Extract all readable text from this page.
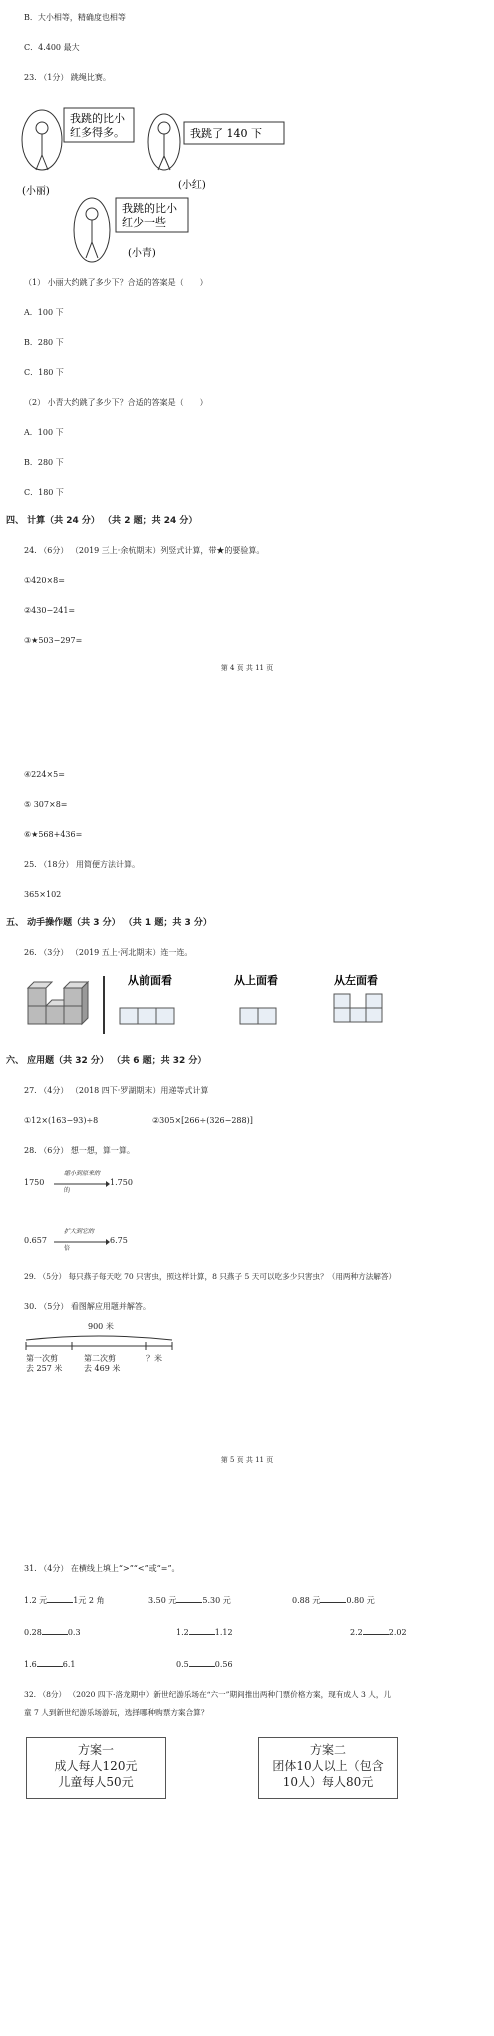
B．大小相等，精确度也相等
C．4.400 最大
23. （1分） 跳绳比赛。
我跳的比小
红多得多。	我跳了 140 下
(小红)
(小丽)
我跳的比小
红少一些
(小青)
（1） 小丽大约跳了多少下？合适的答案是（　　）
A．100 下
B．280 下
C．180 下
（2） 小青大约跳了多少下？合适的答案是（　　）
A．100 下
B．280 下
C．180 下
四、 计算（共 24 分） （共 2 题；共 24 分）
24. （6分） （2019 三上·余杭期末）列竖式计算，带★的要验算。
①420×8=
②430−241=
③★503−297=
第 4 页 共 11 页
④224×5=
⑤ 307×8=
⑥★568+436=
25. （18分） 用简便方法计算。
365×102
五、 动手操作题（共 3 分） （共 1 题；共 3 分）
26. （3分） （2019 五上·河北期末）连一连。
从前面看	从上面看	从左面看
六、 应用题（共 32 分） （共 6 题；共 32 分）
27. （4分） （2018 四下·罗湖期末）用递等式计算
①12×(163−93)÷8	②305×[266÷(326−288)]
28. （6分） 想一想，算一算。
1750
缩小到原来的
1.750
的
0.657
扩大到它的
6.75
倍
29. （5分） 每只燕子每天吃 70 只害虫，照这样计算，8 只燕子 5 天可以吃多少只害虫？（用两种方法解答）
30. （5分） 看图解应用题并解答。
900 米
第一次剪
去 257 米
第二次剪
去 469 米
？米
第 5 页 共 11 页
31. （4分） 在横线上填上“>”“<”或“=”。
1.2 元	1元 2 角	3.50 元	5.30 元	0.88 元	0.80 元
0.28	0.3	1.2	1.12	2.2	2.02
1.6	6.1	0.5	0.56
32. （8分） （2020 四下·洛龙期中）新世纪游乐场在“六一”期间推出两种门票价格方案，现有成人 3 人，儿
童 7 人到新世纪游乐场游玩，选择哪种购票方案合算？
方案一
成人每人120元
儿童每人50元
方案二
团体10人以上（包含
10人）每人80元
